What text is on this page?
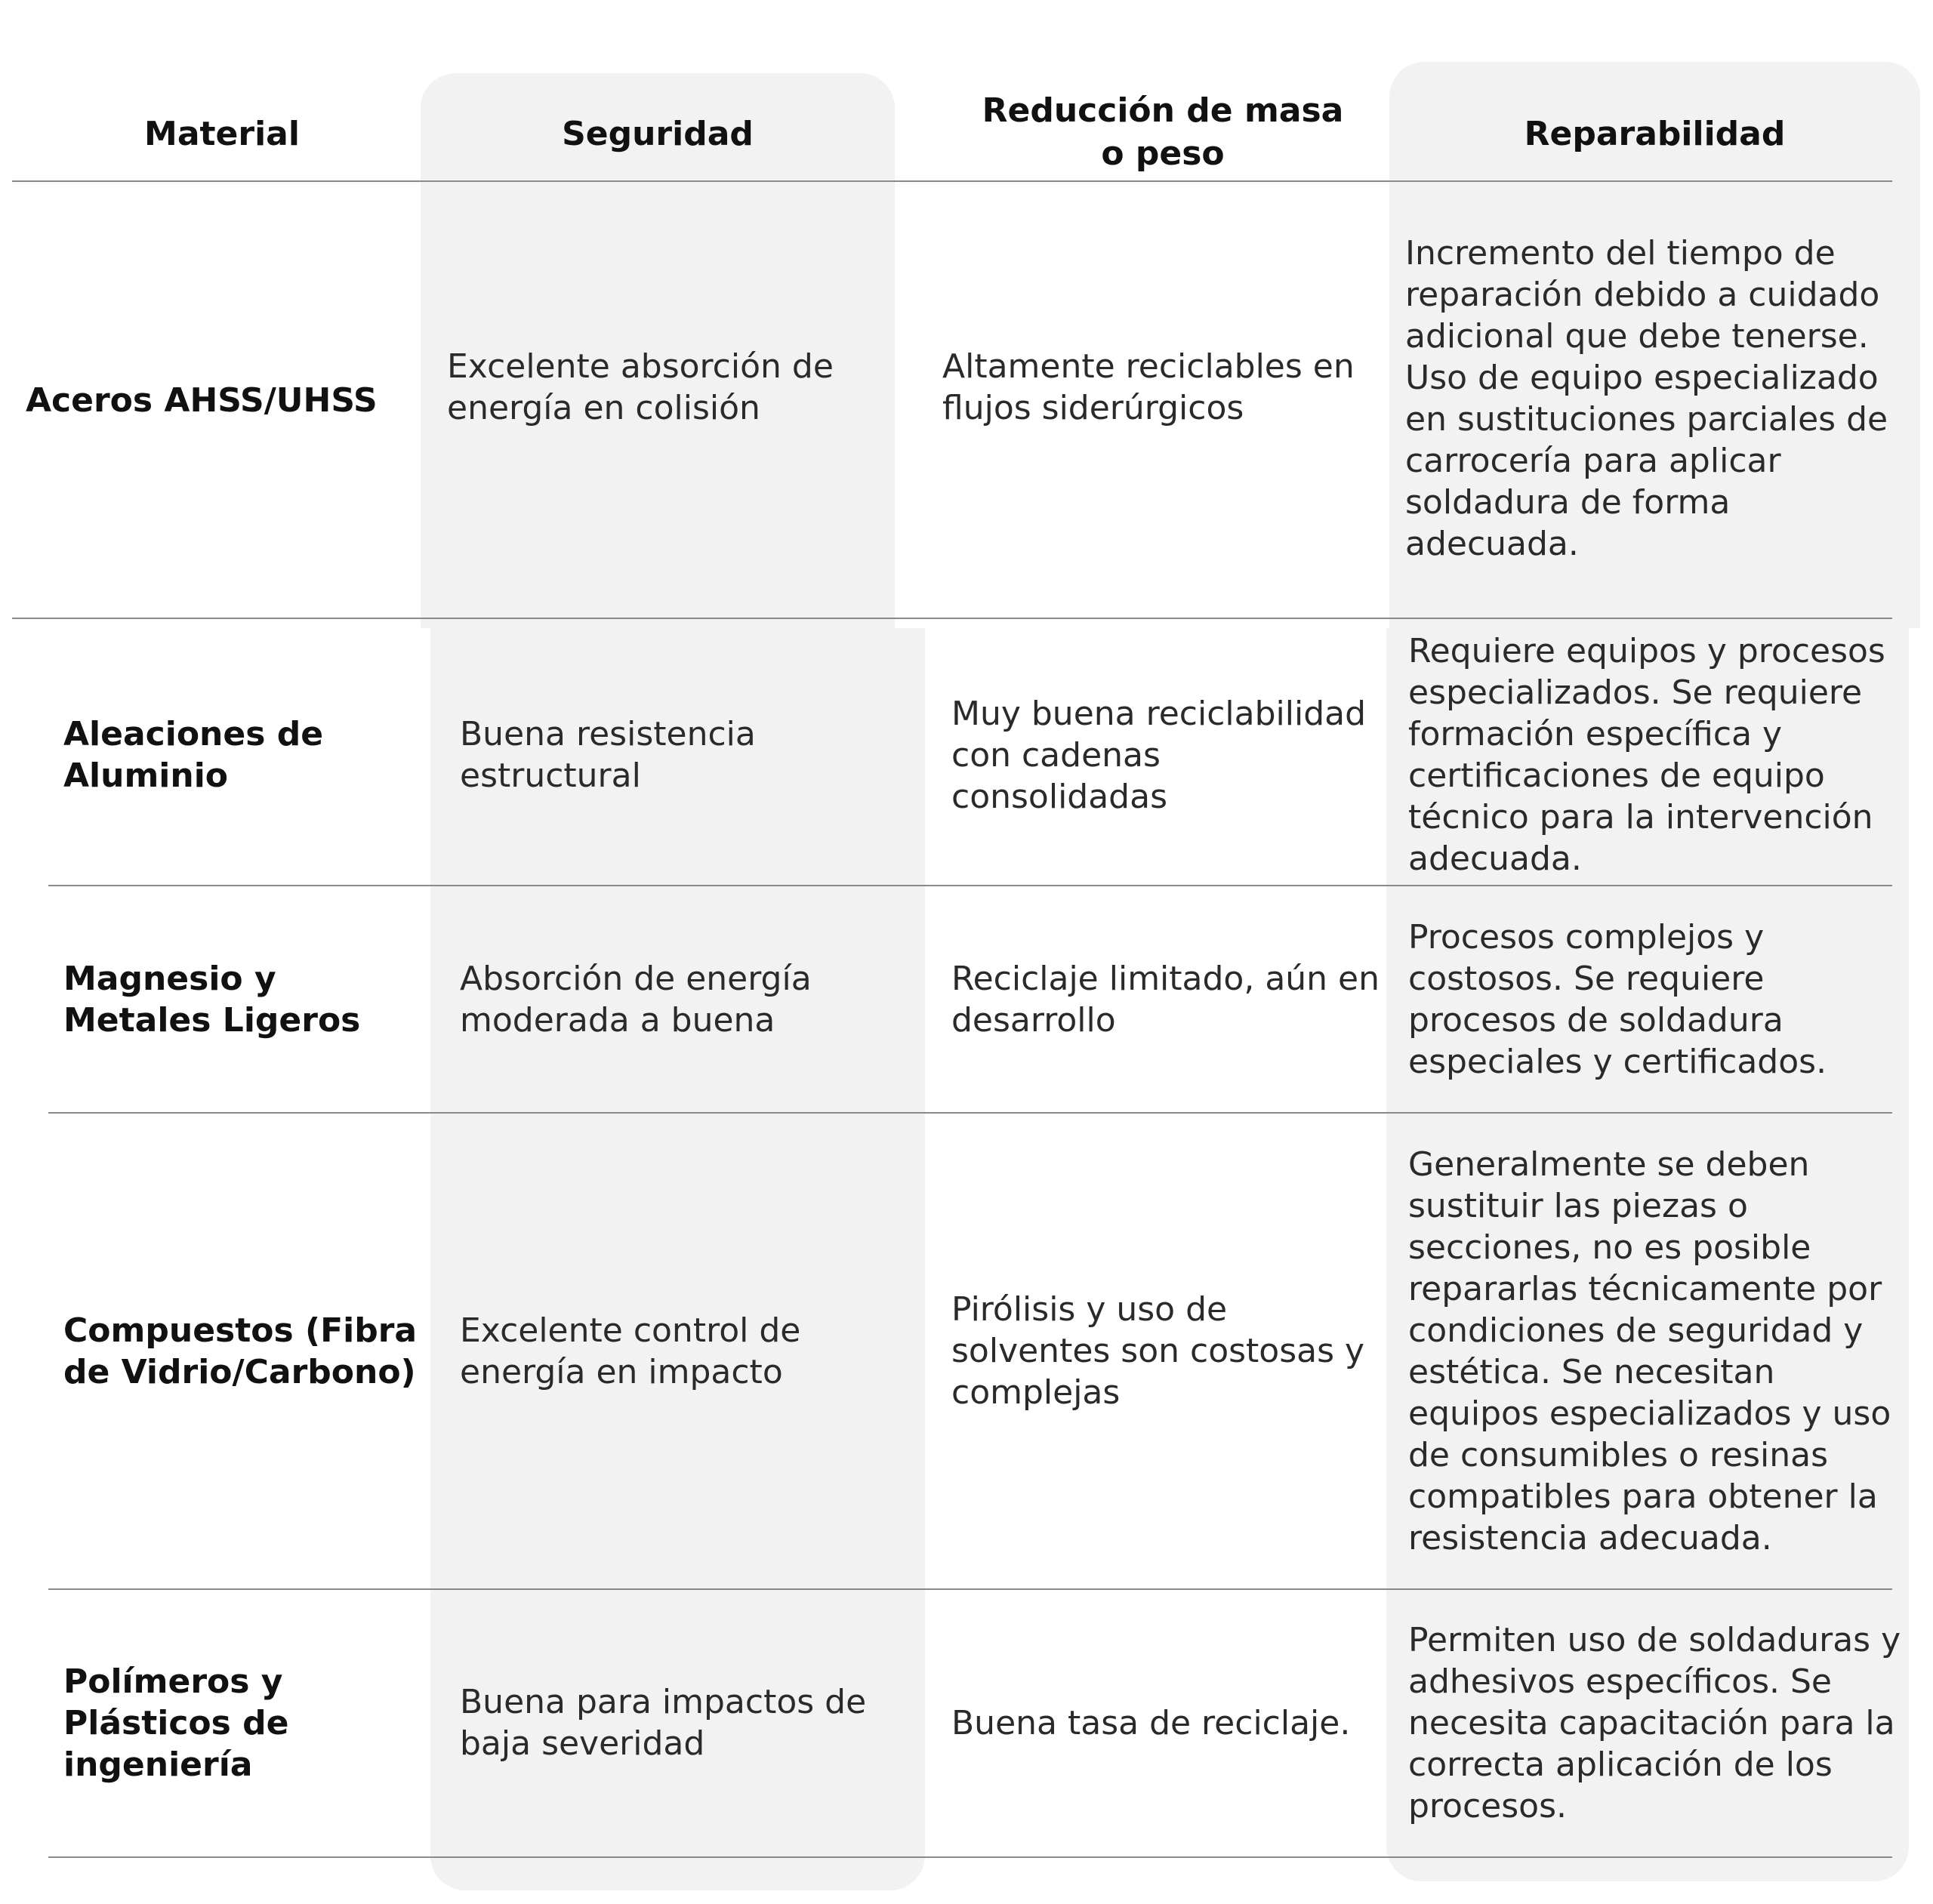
Material	Seguridad
Reducción de masa o peso
Reparabilidad
Aceros AHSS/UHSS
Excelente absorción de energía en colisión
Altamente reciclables en flujos siderúrgicos
Incremento del tiempo de reparación debido a cuidado adicional que debe tenerse. Uso de equipo especializado en sustituciones parciales de carrocería para aplicar soldadura de forma adecuada.
Aleaciones de Aluminio
Buena resistencia estructural
Muy buena reciclabilidad con cadenas consolidadas
Requiere equipos y procesos especializados. Se requiere formación específica y certificaciones de equipo técnico para la intervención adecuada.
Magnesio y Metales Ligeros
Absorción de energía moderada a buena
Reciclaje limitado, aún en desarrollo
Procesos complejos y costosos. Se requiere procesos de soldadura especiales y certificados.
Compuestos (Fibra de Vidrio/Carbono)
Excelente control de energía en impacto
Pirólisis y uso de solventes son costosas y complejas
Generalmente se deben sustituir las piezas o secciones, no es posible repararlas técnicamente por condiciones de seguridad y estética. Se necesitan equipos especializados y uso de consumibles o resinas compatibles para obtener la resistencia adecuada.
Polímeros y Plásticos de ingeniería
Buena para impactos de baja severidad
Buena tasa de reciclaje.
Permiten uso de soldaduras y adhesivos específicos. Se necesita capacitación para la correcta aplicación de los procesos.
